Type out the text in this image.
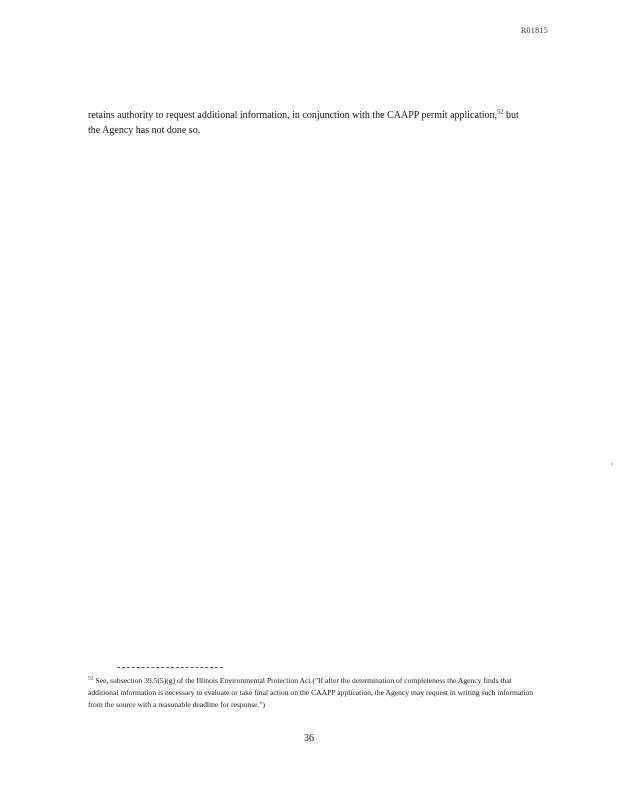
R01815

retains authority to request additional information, in conjunction with the CAAPP permit application,$^{52}$ but the Agency has not done so.

›

$^{52}$ See, subsection 39.5(5)(g) of the Illinois Environmental Protection Act ("If after the determination of completeness the Agency finds that additional information is necessary to evaluate or take final action on the CAAPP application, the Agency may request in writing such information from the source with a reasonable deadline for response.")

36
